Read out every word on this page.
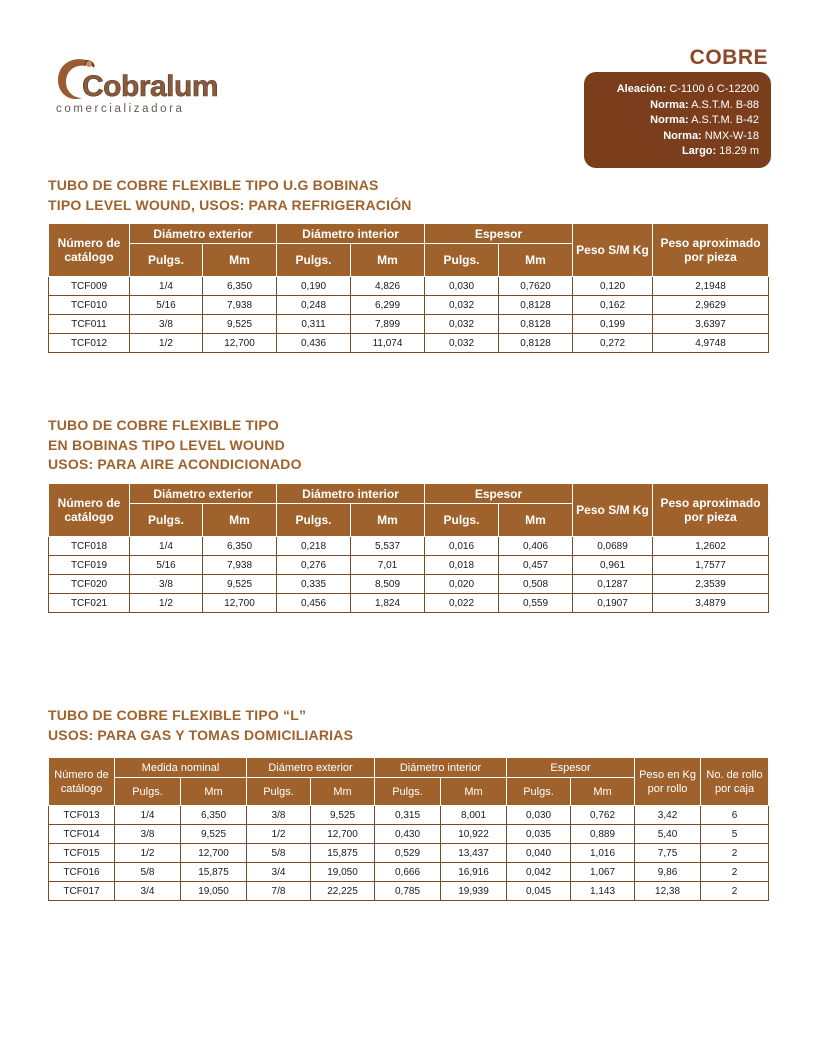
Cobralum
comercializadora
COBRE
Aleación: C-1100 ó C-12200
Norma: A.S.T.M. B-88
Norma: A.S.T.M. B-42
Norma: NMX-W-18
Largo: 18.29 m
TUBO DE COBRE FLEXIBLE TIPO U.G BOBINAS
TIPO LEVEL WOUND, USOS: PARA REFRIGERACIÓN
Número de catálogo	Diámetro exterior		Diámetro interior		Espesor		Peso S/M Kg	Peso aproximado por pieza
	Pulgs.	Mm	Pulgs.	Mm	Pulgs.	Mm		
TCF009	1/4	6,350	0,190	4,826	0,030	0,7620	0,120	2,1948
TCF010	5/16	7,938	0,248	6,299	0,032	0,8128	0,162	2,9629
TCF011	3/8	9,525	0,311	7,899	0,032	0,8128	0,199	3,6397
TCF012	1/2	12,700	0,436	11,074	0,032	0,8128	0,272	4,9748
TUBO DE COBRE FLEXIBLE TIPO
EN BOBINAS TIPO LEVEL WOUND
USOS: PARA AIRE ACONDICIONADO
Número de catálogo	Diámetro exterior		Diámetro interior		Espesor		Peso S/M Kg	Peso aproximado por pieza
	Pulgs.	Mm	Pulgs.	Mm	Pulgs.	Mm		
TCF018	1/4	6,350	0,218	5,537	0,016	0,406	0,0689	1,2602
TCF019	5/16	7,938	0,276	7,01	0,018	0,457	0,961	1,7577
TCF020	3/8	9,525	0,335	8,509	0,020	0,508	0,1287	2,3539
TCF021	1/2	12,700	0,456	1,824	0,022	0,559	0,1907	3,4879
TUBO DE COBRE FLEXIBLE TIPO “L”
USOS: PARA GAS Y TOMAS DOMICILIARIAS
Número de catálogo	Medida nominal		Diámetro exterior		Diámetro interior		Espesor		Peso en Kg por rollo	No. de rollo por caja
	Pulgs.	Mm	Pulgs.	Mm	Pulgs.	Mm	Pulgs.	Mm		
TCF013	1/4	6,350	3/8	9,525	0,315	8,001	0,030	0,762	3,42	6
TCF014	3/8	9,525	1/2	12,700	0,430	10,922	0,035	0,889	5,40	5
TCF015	1/2	12,700	5/8	15,875	0,529	13,437	0,040	1,016	7,75	2
TCF016	5/8	15,875	3/4	19,050	0,666	16,916	0,042	1,067	9,86	2
TCF017	3/4	19,050	7/8	22,225	0,785	19,939	0,045	1,143	12,38	2
